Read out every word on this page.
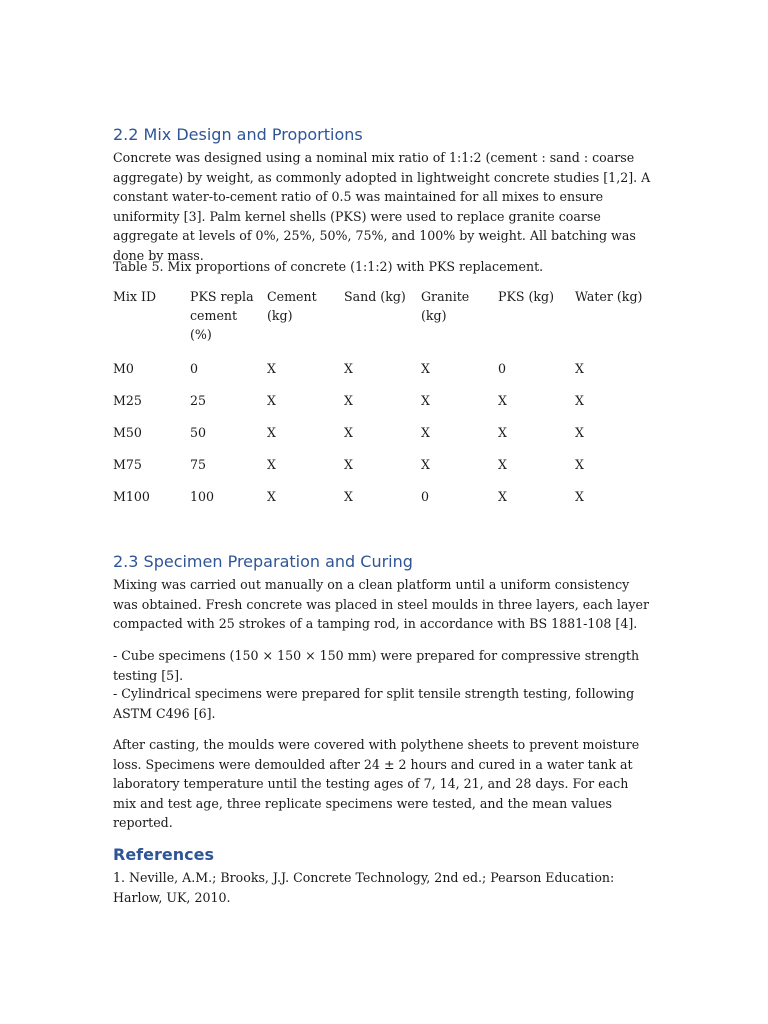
2.2 Mix Design and Proportions

Concrete was designed using a nominal mix ratio of 1:1:2 (cement : sand : coarse aggregate) by weight, as commonly adopted in lightweight concrete studies [1,2]. A constant water-to-cement ratio of 0.5 was maintained for all mixes to ensure uniformity [3]. Palm kernel shells (PKS) were used to replace granite coarse aggregate at levels of 0%, 25%, 50%, 75%, and 100% by weight. All batching was done by mass.

Table 5. Mix proportions of concrete (1:1:2) with PKS replacement.
Mix ID	PKS replacement (%)	Cement (kg)	Sand (kg)	Granite (kg)	PKS (kg)	Water (kg)
M0	0	X	X	X	0	X
M25	25	X	X	X	X	X
M50	50	X	X	X	X	X
M75	75	X	X	X	X	X
M100	100	X	X	0	X	X
2.3 Specimen Preparation and Curing

Mixing was carried out manually on a clean platform until a uniform consistency was obtained. Fresh concrete was placed in steel moulds in three layers, each layer compacted with 25 strokes of a tamping rod, in accordance with BS 1881-108 [4].

- Cube specimens (150 × 150 × 150 mm) were prepared for compressive strength testing [5].

- Cylindrical specimens were prepared for split tensile strength testing, following ASTM C496 [6].

After casting, the moulds were covered with polythene sheets to prevent moisture loss. Specimens were demoulded after 24 ± 2 hours and cured in a water tank at laboratory temperature until the testing ages of 7, 14, 21, and 28 days. For each mix and test age, three replicate specimens were tested, and the mean values reported.

References

1. Neville, A.M.; Brooks, J.J. Concrete Technology, 2nd ed.; Pearson Education: Harlow, UK, 2010.
